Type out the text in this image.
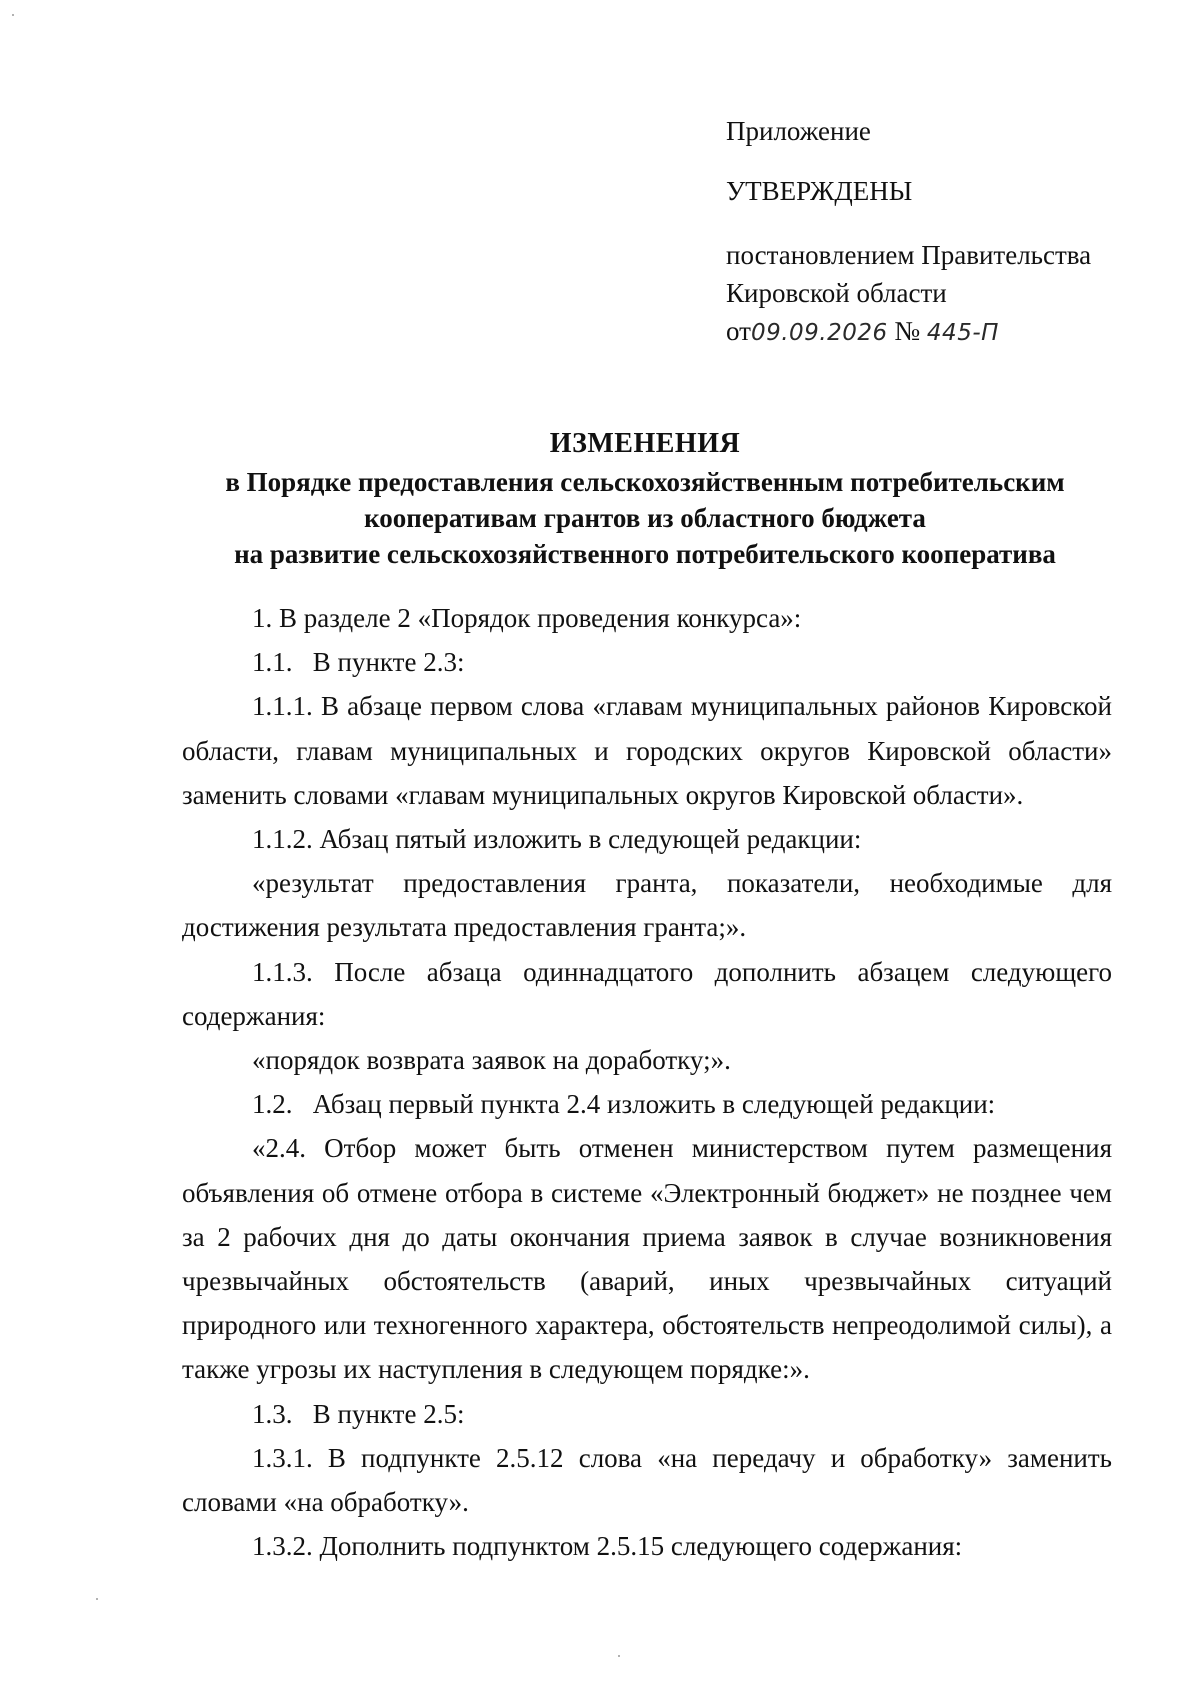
Приложение
УТВЕРЖДЕНЫ
постановлением Правительства
Кировской области
от09.09.2026 № 445-П
ИЗМЕНЕНИЯ
в Порядке предоставления сельскохозяйственным потребительским
кооперативам грантов из областного бюджета
на развитие сельскохозяйственного потребительского кооператива

1. В разделе 2 «Порядок проведения конкурса»:

1.1.   В пункте 2.3:

1.1.1. В абзаце первом слова «главам муниципальных районов Кировской области, главам муниципальных и городских округов Кировской области» заменить словами «главам муниципальных округов Кировской области».

1.1.2. Абзац пятый изложить в следующей редакции:

«результат предоставления гранта, показатели, необходимые для достижения результата предоставления гранта;».

1.1.3. После абзаца одиннадцатого дополнить абзацем следующего содержания:

«порядок возврата заявок на доработку;».

1.2.   Абзац первый пункта 2.4 изложить в следующей редакции:

«2.4. Отбор может быть отменен министерством путем размещения объявления об отмене отбора в системе «Электронный бюджет» не позднее чем за 2 рабочих дня до даты окончания приема заявок в случае возникновения чрезвычайных обстоятельств (аварий, иных чрезвычайных ситуаций природного или техногенного характера, обстоятельств непреодолимой силы), а также угрозы их наступления в следующем порядке:».

1.3.   В пункте 2.5:

1.3.1. В подпункте 2.5.12 слова «на передачу и обработку» заменить словами «на обработку».

1.3.2. Дополнить подпунктом 2.5.15 следующего содержания:
